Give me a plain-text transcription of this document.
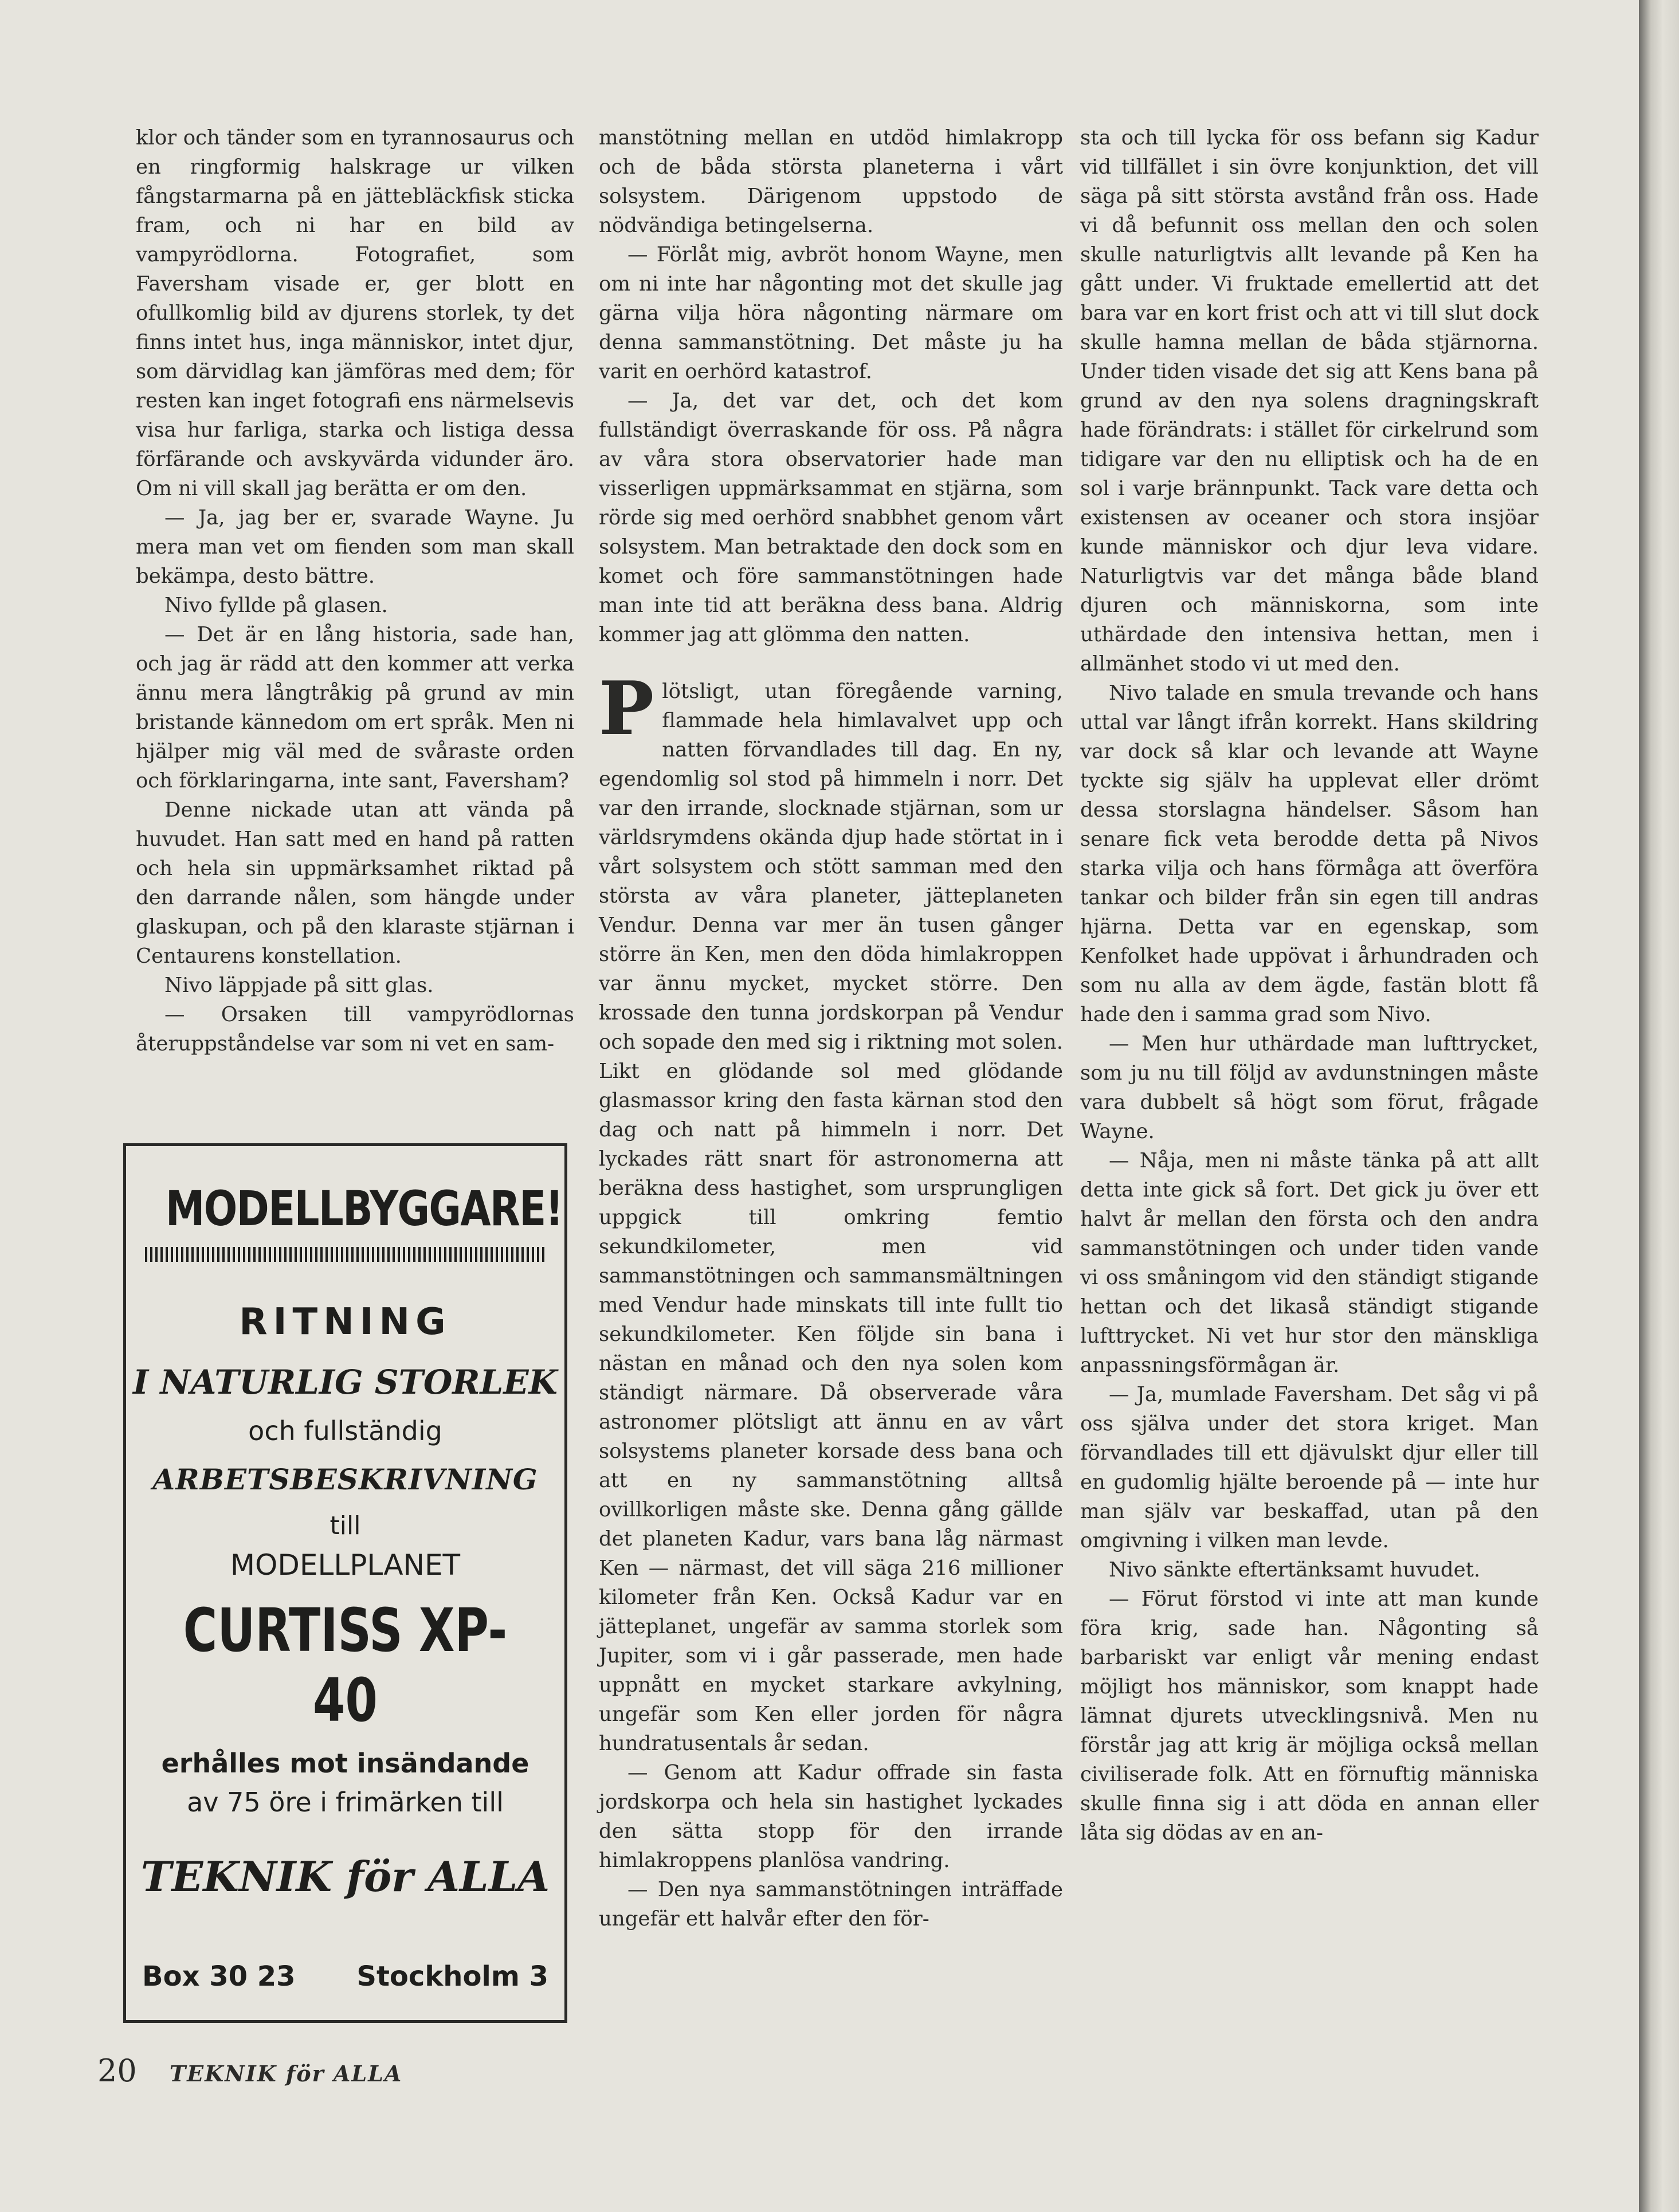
klor och tänder som en tyrannosaurus och en ringformig halskrage ur vilken fångstarmarna på en jättebläckfisk sticka fram, och ni har en bild av vampyrödlorna. Fotografiet, som Faversham visade er, ger blott en ofullkomlig bild av djurens storlek, ty det finns intet hus, inga människor, intet djur, som därvidlag kan jämföras med dem; för resten kan inget fotografi ens närmelsevis visa hur farliga, starka och listiga dessa förfärande och avskyvärda vidunder äro. Om ni vill skall jag berätta er om den.

— Ja, jag ber er, svarade Wayne. Ju mera man vet om fienden som man skall bekämpa, desto bättre.

Nivo fyllde på glasen.

— Det är en lång historia, sade han, och jag är rädd att den kommer att verka ännu mera långtråkig på grund av min bristande kännedom om ert språk. Men ni hjälper mig väl med de svåraste orden och förklaringarna, inte sant, Faversham?

Denne nickade utan att vända på huvudet. Han satt med en hand på ratten och hela sin uppmärksamhet riktad på den darrande nålen, som hängde under glaskupan, och på den klaraste stjärnan i Centaurens konstellation.

Nivo läppjade på sitt glas.

— Orsaken till vampyrödlornas återuppståndelse var som ni vet en sam-

MODELLBYGGARE!
RITNING
I NATURLIG STORLEK
och fullständig
ARBETSBESKRIVNING
till
MODELLPLANET
CURTISS XP-40
erhålles mot insändande
av 75 öre i frimärken till
TEKNIK för ALLA
Box 30 23 Stockholm 3

manstötning mellan en utdöd himlakropp och de båda största planeterna i vårt solsystem. Därigenom uppstodo de nödvändiga betingelserna.

— Förlåt mig, avbröt honom Wayne, men om ni inte har någonting mot det skulle jag gärna vilja höra någonting närmare om denna sammanstötning. Det måste ju ha varit en oerhörd katastrof.

— Ja, det var det, och det kom fullständigt överraskande för oss. På några av våra stora observatorier hade man visserligen uppmärksammat en stjärna, som rörde sig med oerhörd snabbhet genom vårt solsystem. Man betraktade den dock som en komet och före sammanstötningen hade man inte tid att beräkna dess bana. Aldrig kommer jag att glömma den natten.

Plötsligt, utan föregående varning, flammade hela himlavalvet upp och natten förvandlades till dag. En ny, egendomlig sol stod på himmeln i norr. Det var den irrande, slocknade stjärnan, som ur världsrymdens okända djup hade störtat in i vårt solsystem och stött samman med den största av våra planeter, jätteplaneten Vendur. Denna var mer än tusen gånger större än Ken, men den döda himlakroppen var ännu mycket, mycket större. Den krossade den tunna jordskorpan på Vendur och sopade den med sig i riktning mot solen. Likt en glödande sol med glödande glasmassor kring den fasta kärnan stod den dag och natt på himmeln i norr. Det lyckades rätt snart för astronomerna att beräkna dess hastighet, som ursprungligen uppgick till omkring femtio sekundkilometer, men vid sammanstötningen och sammansmältningen med Vendur hade minskats till inte fullt tio sekundkilometer. Ken följde sin bana i nästan en månad och den nya solen kom ständigt närmare. Då observerade våra astronomer plötsligt att ännu en av vårt solsystems planeter korsade dess bana och att en ny sammanstötning alltså ovillkorligen måste ske. Denna gång gällde det planeten Kadur, vars bana låg närmast Ken — närmast, det vill säga 216 millioner kilometer från Ken. Också Kadur var en jätteplanet, ungefär av samma storlek som Jupiter, som vi i går passerade, men hade uppnått en mycket starkare avkylning, ungefär som Ken eller jorden för några hundratusentals år sedan.

— Genom att Kadur offrade sin fasta jordskorpa och hela sin hastighet lyckades den sätta stopp för den irrande himlakroppens planlösa vandring.

— Den nya sammanstötningen inträffade ungefär ett halvår efter den för-

sta och till lycka för oss befann sig Kadur vid tillfället i sin övre konjunktion, det vill säga på sitt största avstånd från oss. Hade vi då befunnit oss mellan den och solen skulle naturligtvis allt levande på Ken ha gått under. Vi fruktade emellertid att det bara var en kort frist och att vi till slut dock skulle hamna mellan de båda stjärnorna. Under tiden visade det sig att Kens bana på grund av den nya solens dragningskraft hade förändrats: i stället för cirkelrund som tidigare var den nu elliptisk och ha de en sol i varje brännpunkt. Tack vare detta och existensen av oceaner och stora insjöar kunde människor och djur leva vidare. Naturligtvis var det många både bland djuren och människorna, som inte uthärdade den intensiva hettan, men i allmänhet stodo vi ut med den.

Nivo talade en smula trevande och hans uttal var långt ifrån korrekt. Hans skildring var dock så klar och levande att Wayne tyckte sig själv ha upplevat eller drömt dessa storslagna händelser. Såsom han senare fick veta berodde detta på Nivos starka vilja och hans förmåga att överföra tankar och bilder från sin egen till andras hjärna. Detta var en egenskap, som Kenfolket hade uppövat i århundraden och som nu alla av dem ägde, fastän blott få hade den i samma grad som Nivo.

— Men hur uthärdade man lufttrycket, som ju nu till följd av avdunstningen måste vara dubbelt så högt som förut, frågade Wayne.

— Nåja, men ni måste tänka på att allt detta inte gick så fort. Det gick ju över ett halvt år mellan den första och den andra sammanstötningen och under tiden vande vi oss småningom vid den ständigt stigande hettan och det likaså ständigt stigande lufttrycket. Ni vet hur stor den mänskliga anpassningsförmågan är.

— Ja, mumlade Faversham. Det såg vi på oss själva under det stora kriget. Man förvandlades till ett djävulskt djur eller till en gudomlig hjälte beroende på — inte hur man själv var beskaffad, utan på den omgivning i vilken man levde.

Nivo sänkte eftertänksamt huvudet.

— Förut förstod vi inte att man kunde föra krig, sade han. Någonting så barbariskt var enligt vår mening endast möjligt hos människor, som knappt hade lämnat djurets utvecklingsnivå. Men nu förstår jag att krig är möjliga också mellan civiliserade folk. Att en förnuftig människa skulle finna sig i att döda en annan eller låta sig dödas av en an-

20 TEKNIK för ALLA
